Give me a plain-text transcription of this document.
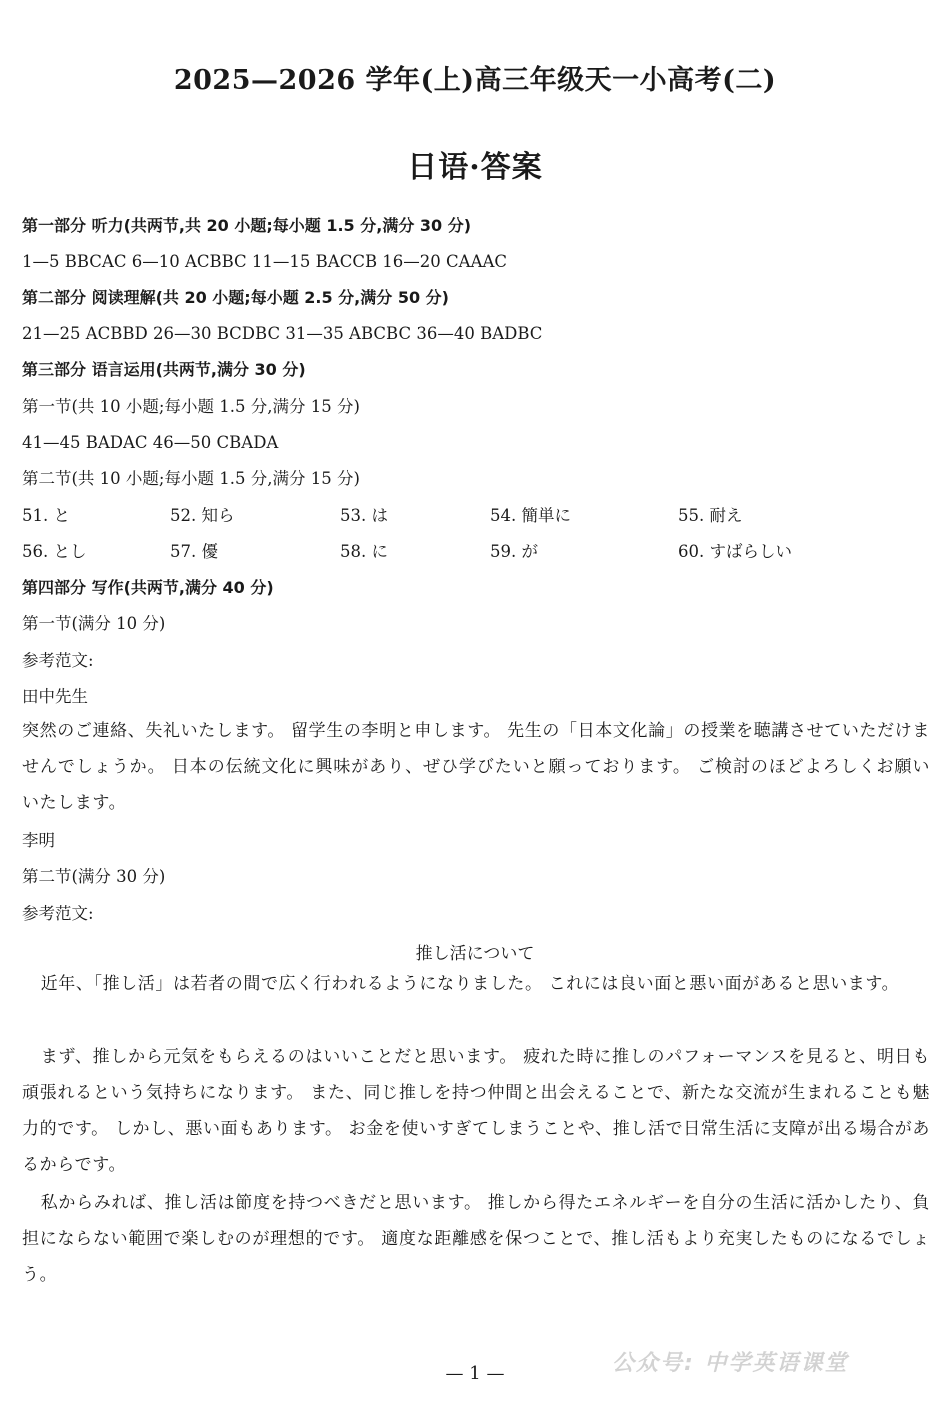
2025—2026 学年(上)高三年级天一小高考(二)
日语·答案
第一部分 听力(共两节,共 20 小题;每小题 1.5 分,满分 30 分)
1—5 BBCAC 6—10 ACBBC 11—15 BACCB 16—20 CAAAC
第二部分 阅读理解(共 20 小题;每小题 2.5 分,满分 50 分)
21—25 ACBBD 26—30 BCDBC 31—35 ABCBC 36—40 BADBC
第三部分 语言运用(共两节,满分 30 分)
第一节(共 10 小题;每小题 1.5 分,满分 15 分)
41—45 BADAC 46—50 CBADA
第二节(共 10 小题;每小题 1.5 分,满分 15 分)
51. と	52. 知ら	53. は	54. 簡単に	55. 耐え
56. とし	57. 優	58. に	59. が	60. すばらしい
第四部分 写作(共两节,满分 40 分)
第一节(满分 10 分)
参考范文:
田中先生
突然のご連絡、失礼いたします。 留学生の李明と申します。 先生の「日本文化論」の授業を聴講させていただけませんでしょうか。 日本の伝統文化に興味があり、ぜひ学びたいと願っております。 ご検討のほどよろしくお願いいたします。
李明
第二节(满分 30 分)
参考范文:
推し活について
近年、「推し活」は若者の間で広く行われるようになりました。 これには良い面と悪い面があると思います。
まず、推しから元気をもらえるのはいいことだと思います。 疲れた時に推しのパフォーマンスを見ると、明日も頑張れるという気持ちになります。 また、同じ推しを持つ仲間と出会えることで、新たな交流が生まれることも魅力的です。 しかし、悪い面もあります。 お金を使いすぎてしまうことや、推し活で日常生活に支障が出る場合があるからです。
私からみれば、推し活は節度を持つべきだと思います。 推しから得たエネルギーを自分の生活に活かしたり、負担にならない範囲で楽しむのが理想的です。 適度な距離感を保つことで、推し活もより充実したものになるでしょう。
公众号: 中学英语课堂
— 1 —
